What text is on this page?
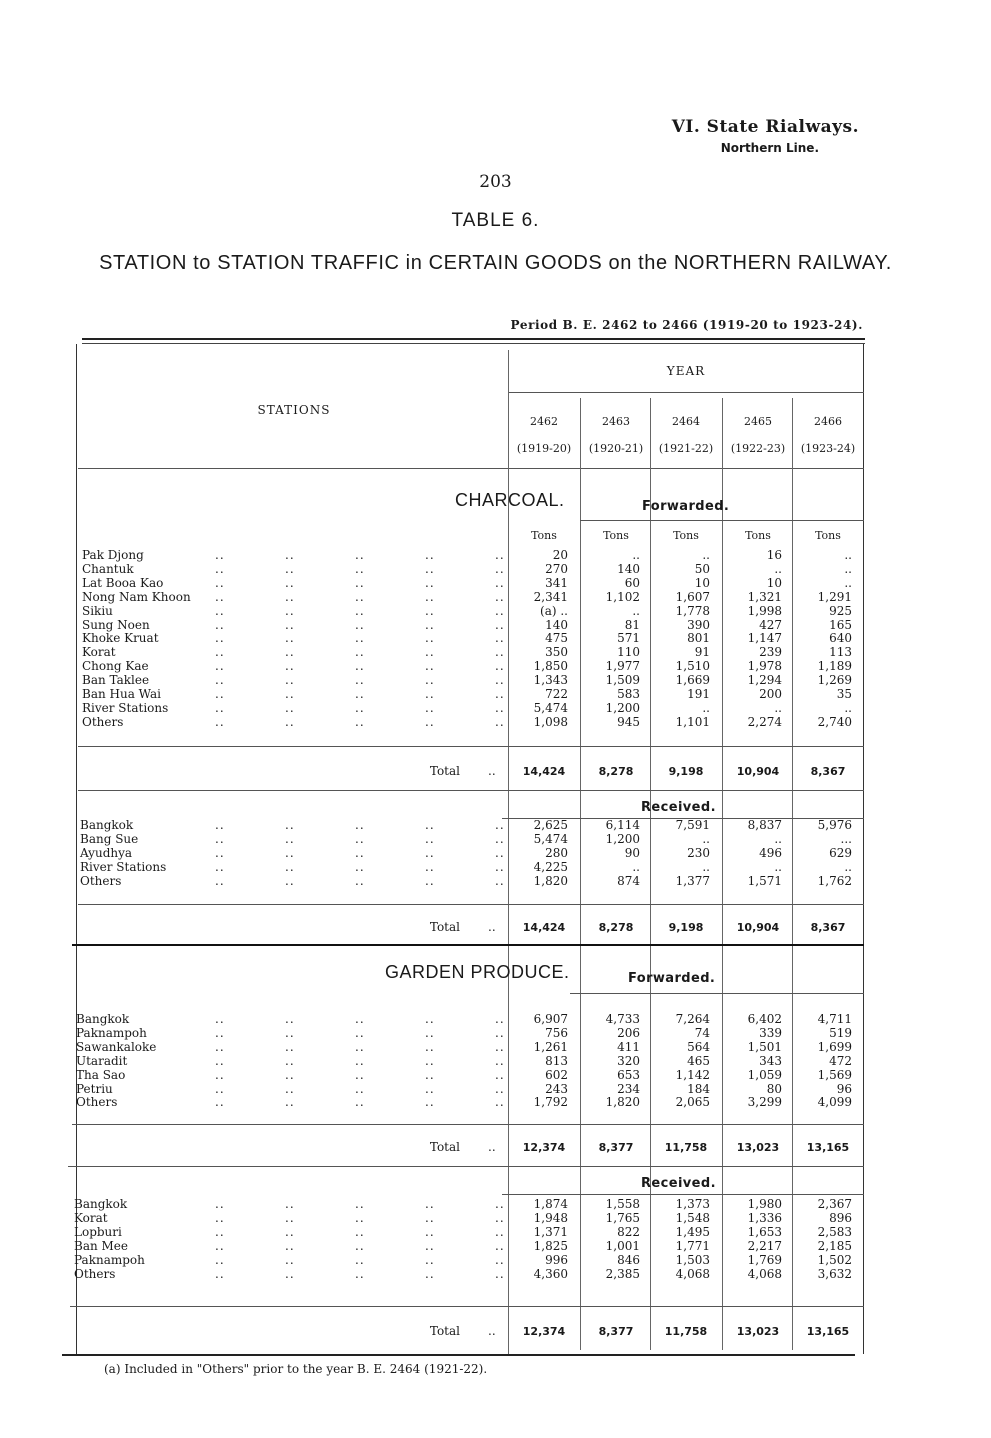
VI. State Rialways.
Northern Line.
203
TABLE 6.
STATION to STATION TRAFFIC in CERTAIN GOODS on the NORTHERN RAILWAY.
Period B. E. 2462 to 2466 (1919-20 to 1923-24).
YEAR
STATIONS
2462
(1919-20)
2463
(1920-21)
2464
(1921-22)
2465
(1922-23)
2466
(1923-24)
CHARCOAL.	Forwarded.
Tons	Tons	Tons	Tons	Tons
Pak Djong	..	..	..	..	..	20	..	..	16	..
Chantuk	..	..	..	..	..	270	140	50	..	..
Lat Booa Kao	..	..	..	..	..	341	60	10	10	..
Nong Nam Khoon ..	..	..	..	..	2,341	1,102	1,607	1,321	1,291
Sikiu	..	..	..	..	..	(a) ..	..	1,778	1,998	925
Sung Noen	..	..	..	..	..	140	81	390	427	165
Khoke Kruat	..	..	..	..	..	475	571	801	1,147	640
Korat	..	..	..	..	..	350	110	91	239	113
Chong Kae	..	..	..	..	..	1,850	1,977	1,510	1,978	1,189
Ban Taklee	..	..	..	..	..	1,343	1,509	1,669	1,294	1,269
Ban Hua Wai	..	..	..	..	..	722	583	191	200	35
River Stations	..	..	..	..	..	5,474	1,200	..	..	..
Others	..	..	..	..	..	1,098	945	1,101	2,274	2,740
Total ..	14,424	8,278	9,198	10,904	8,367
Received.
Bangkok	..	..	..	..	..	2,625	6,114	7,591	8,837	5,976
Bang Sue	..	..	..	..	..	5,474	1,200	..	..	...
Ayudhya	..	..	..	..	..	280	90	230	496	629
River Stations	..	..	..	..	..	4,225	..	..	..	..
Others	..	..	..	..	..	1,820	874	1,377	1,571	1,762
Total ..	14,424	8,278	9,198	10,904	8,367
GARDEN PRODUCE.	Forwarded.
Bangkok	..	..	..	..	..	6,907	4,733	7,264	6,402	4,711
Paknampoh	..	..	..	..	..	756	206	74	339	519
Sawankaloke	..	..	..	..	..	1,261	411	564	1,501	1,699
Utaradit	..	..	..	..	..	813	320	465	343	472
Tha Sao	..	..	..	..	..	602	653	1,142	1,059	1,569
Petriu	..	..	..	..	..	243	234	184	80	96
Others	..	..	..	..	..	1,792	1,820	2,065	3,299	4,099
Total ..	12,374	8,377	11,758	13,023	13,165
Received.
Bangkok	..	..	..	..	..	1,874	1,558	1,373	1,980	2,367
Korat	..	..	..	..	..	1,948	1,765	1,548	1,336	896
Lopburi	..	..	..	..	..	1,371	822	1,495	1,653	2,583
Ban Mee	..	..	..	..	..	1,825	1,001	1,771	2,217	2,185
Paknampoh	..	..	..	..	..	996	846	1,503	1,769	1,502
Others	..	..	..	..	..	4,360	2,385	4,068	4,068	3,632
Total ..	12,374	8,377	11,758	13,023	13,165
(a) Included in "Others" prior to the year B. E. 2464 (1921-22).
